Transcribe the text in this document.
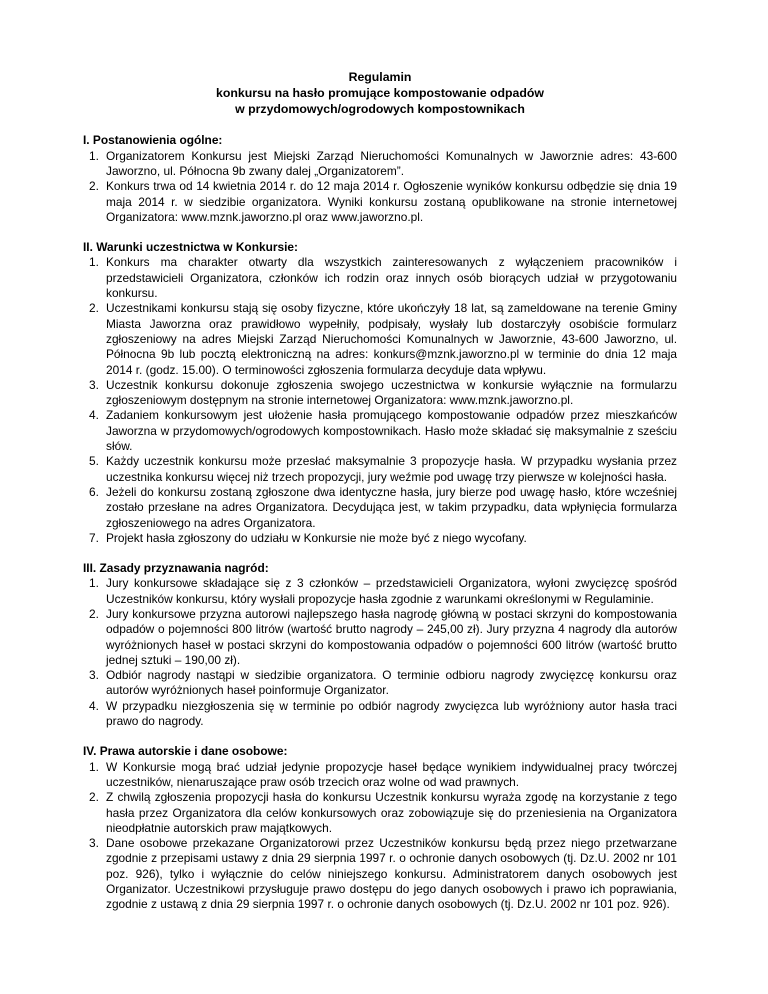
Regulamin
konkursu na hasło promujące kompostowanie odpadów
w przydomowych/ogrodowych kompostownikach
I. Postanowienia ogólne:
1. Organizatorem Konkursu jest Miejski Zarząd Nieruchomości Komunalnych w Jaworznie adres: 43-600 Jaworzno, ul. Północna 9b zwany dalej „Organizatorem”.
2. Konkurs trwa od 14 kwietnia 2014 r. do 12 maja 2014 r. Ogłoszenie wyników konkursu odbędzie się dnia 19 maja 2014 r. w siedzibie organizatora. Wyniki konkursu zostaną opublikowane na stronie internetowej Organizatora: www.mznk.jaworzno.pl oraz www.jaworzno.pl.
II. Warunki uczestnictwa w Konkursie:
1. Konkurs ma charakter otwarty dla wszystkich zainteresowanych z wyłączeniem pracowników i przedstawicieli Organizatora, członków ich rodzin oraz innych osób biorących udział w przygotowaniu konkursu.
2. Uczestnikami konkursu stają się osoby fizyczne, które ukończyły 18 lat, są zameldowane na terenie Gminy Miasta Jaworzna oraz prawidłowo wypełniły, podpisały, wysłały lub dostarczyły osobiście formularz zgłoszeniowy na adres Miejski Zarząd Nieruchomości Komunalnych w Jaworznie, 43-600 Jaworzno, ul. Północna 9b lub pocztą elektroniczną na adres: konkurs@mznk.jaworzno.pl w terminie do dnia 12 maja 2014 r. (godz. 15.00). O terminowości zgłoszenia formularza decyduje data wpływu.
3. Uczestnik konkursu dokonuje zgłoszenia swojego uczestnictwa w konkursie wyłącznie na formularzu zgłoszeniowym dostępnym na stronie internetowej Organizatora: www.mznk.jaworzno.pl.
4. Zadaniem konkursowym jest ułożenie hasła promującego kompostowanie odpadów przez mieszkańców Jaworzna w przydomowych/ogrodowych kompostownikach. Hasło może składać się maksymalnie z sześciu słów.
5. Każdy uczestnik konkursu może przesłać maksymalnie 3 propozycje hasła. W przypadku wysłania przez uczestnika konkursu więcej niż trzech propozycji, jury weźmie pod uwagę trzy pierwsze w kolejności hasła.
6. Jeżeli do konkursu zostaną zgłoszone dwa identyczne hasła, jury bierze pod uwagę hasło, które wcześniej zostało przesłane na adres Organizatora. Decydująca jest, w takim przypadku, data wpłynięcia formularza zgłoszeniowego na adres Organizatora.
7. Projekt hasła zgłoszony do udziału w Konkursie nie może być z niego wycofany.
III. Zasady przyznawania nagród:
1. Jury konkursowe składające się z 3 członków – przedstawicieli Organizatora, wyłoni zwycięzcę spośród Uczestników konkursu, który wysłali propozycje hasła zgodnie z warunkami określonymi w Regulaminie.
2. Jury konkursowe przyzna autorowi najlepszego hasła nagrodę główną w postaci skrzyni do kompostowania odpadów o pojemności 800 litrów (wartość brutto nagrody – 245,00 zł). Jury przyzna 4 nagrody dla autorów wyróżnionych haseł w postaci skrzyni do kompostowania odpadów o pojemności 600 litrów (wartość brutto jednej sztuki – 190,00 zł).
3. Odbiór nagrody nastąpi w siedzibie organizatora. O terminie odbioru nagrody zwycięzcę konkursu oraz autorów wyróżnionych haseł poinformuje Organizator.
4. W przypadku niezgłoszenia się w terminie po odbiór nagrody zwycięzca lub wyróżniony autor hasła traci prawo do nagrody.
IV. Prawa autorskie i dane osobowe:
1. W Konkursie mogą brać udział jedynie propozycje haseł będące wynikiem indywidualnej pracy twórczej uczestników, nienaruszające praw osób trzecich oraz wolne od wad prawnych.
2. Z chwilą zgłoszenia propozycji hasła do konkursu Uczestnik konkursu wyraża zgodę na korzystanie z tego hasła przez Organizatora dla celów konkursowych oraz zobowiązuje się do przeniesienia na Organizatora nieodpłatnie autorskich praw majątkowych.
3. Dane osobowe przekazane Organizatorowi przez Uczestników konkursu będą przez niego przetwarzane zgodnie z przepisami ustawy z dnia 29 sierpnia 1997 r. o ochronie danych osobowych (tj. Dz.U. 2002 nr 101 poz. 926), tylko i wyłącznie do celów niniejszego konkursu. Administratorem danych osobowych jest Organizator. Uczestnikowi przysługuje prawo dostępu do jego danych osobowych i prawo ich poprawiania, zgodnie z ustawą z dnia 29 sierpnia 1997 r. o ochronie danych osobowych (tj. Dz.U. 2002 nr 101 poz. 926).
